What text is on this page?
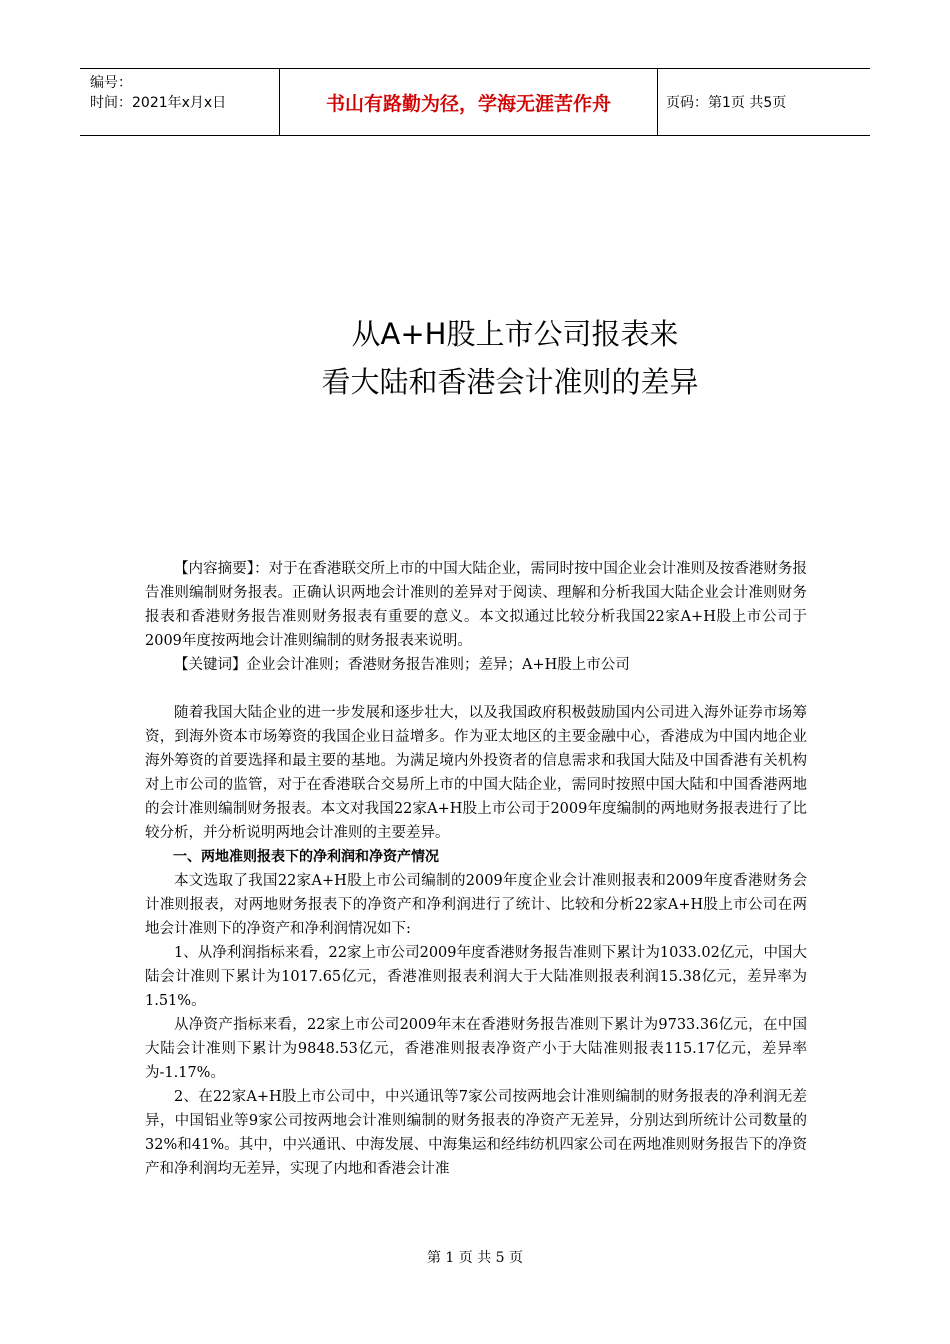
编号：
时间：2021年x月x日	书山有路勤为径，学海无涯苦作舟	页码：第1页 共5页
从A+H股上市公司报表来
看大陆和香港会计准则的差异

【内容摘要】：对于在香港联交所上市的中国大陆企业，需同时按中国企业会计准则及按香港财务报告准则编制财务报表。正确认识两地会计准则的差异对于阅读、理解和分析我国大陆企业会计准则财务报表和香港财务报告准则财务报表有重要的意义。本文拟通过比较分析我国22家A+H股上市公司于2009年度按两地会计准则编制的财务报表来说明。

【关键词】企业会计准则；香港财务报告准则；差异；A+H股上市公司

随着我国大陆企业的进一步发展和逐步壮大，以及我国政府积极鼓励国内公司进入海外证券市场筹资，到海外资本市场筹资的我国企业日益增多。作为亚太地区的主要金融中心，香港成为中国内地企业海外筹资的首要选择和最主要的基地。为满足境内外投资者的信息需求和我国大陆及中国香港有关机构对上市公司的监管，对于在香港联合交易所上市的中国大陆企业，需同时按照中国大陆和中国香港两地的会计准则编制财务报表。本文对我国22家A+H股上市公司于2009年度编制的两地财务报表进行了比较分析，并分析说明两地会计准则的主要差异。

一、两地准则报表下的净利润和净资产情况

本文选取了我国22家A+H股上市公司编制的2009年度企业会计准则报表和2009年度香港财务会计准则报表，对两地财务报表下的净资产和净利润进行了统计、比较和分析22家A+H股上市公司在两地会计准则下的净资产和净利润情况如下:

1、从净利润指标来看，22家上市公司2009年度香港财务报告准则下累计为1033.02亿元，中国大陆会计准则下累计为1017.65亿元，香港准则报表利润大于大陆准则报表利润15.38亿元，差异率为1.51%。

从净资产指标来看，22家上市公司2009年末在香港财务报告准则下累计为9733.36亿元，在中国大陆会计准则下累计为9848.53亿元，香港准则报表净资产小于大陆准则报表115.17亿元，差异率为-1.17%。

2、在22家A+H股上市公司中，中兴通讯等7家公司按两地会计准则编制的财务报表的净利润无差异，中国铝业等9家公司按两地会计准则编制的财务报表的净资产无差异，分别达到所统计公司数量的32%和41%。其中，中兴通讯、中海发展、中海集运和经纬纺机四家公司在两地准则财务报告下的净资产和净利润均无差异，实现了内地和香港会计准

第 1 页 共 5 页
